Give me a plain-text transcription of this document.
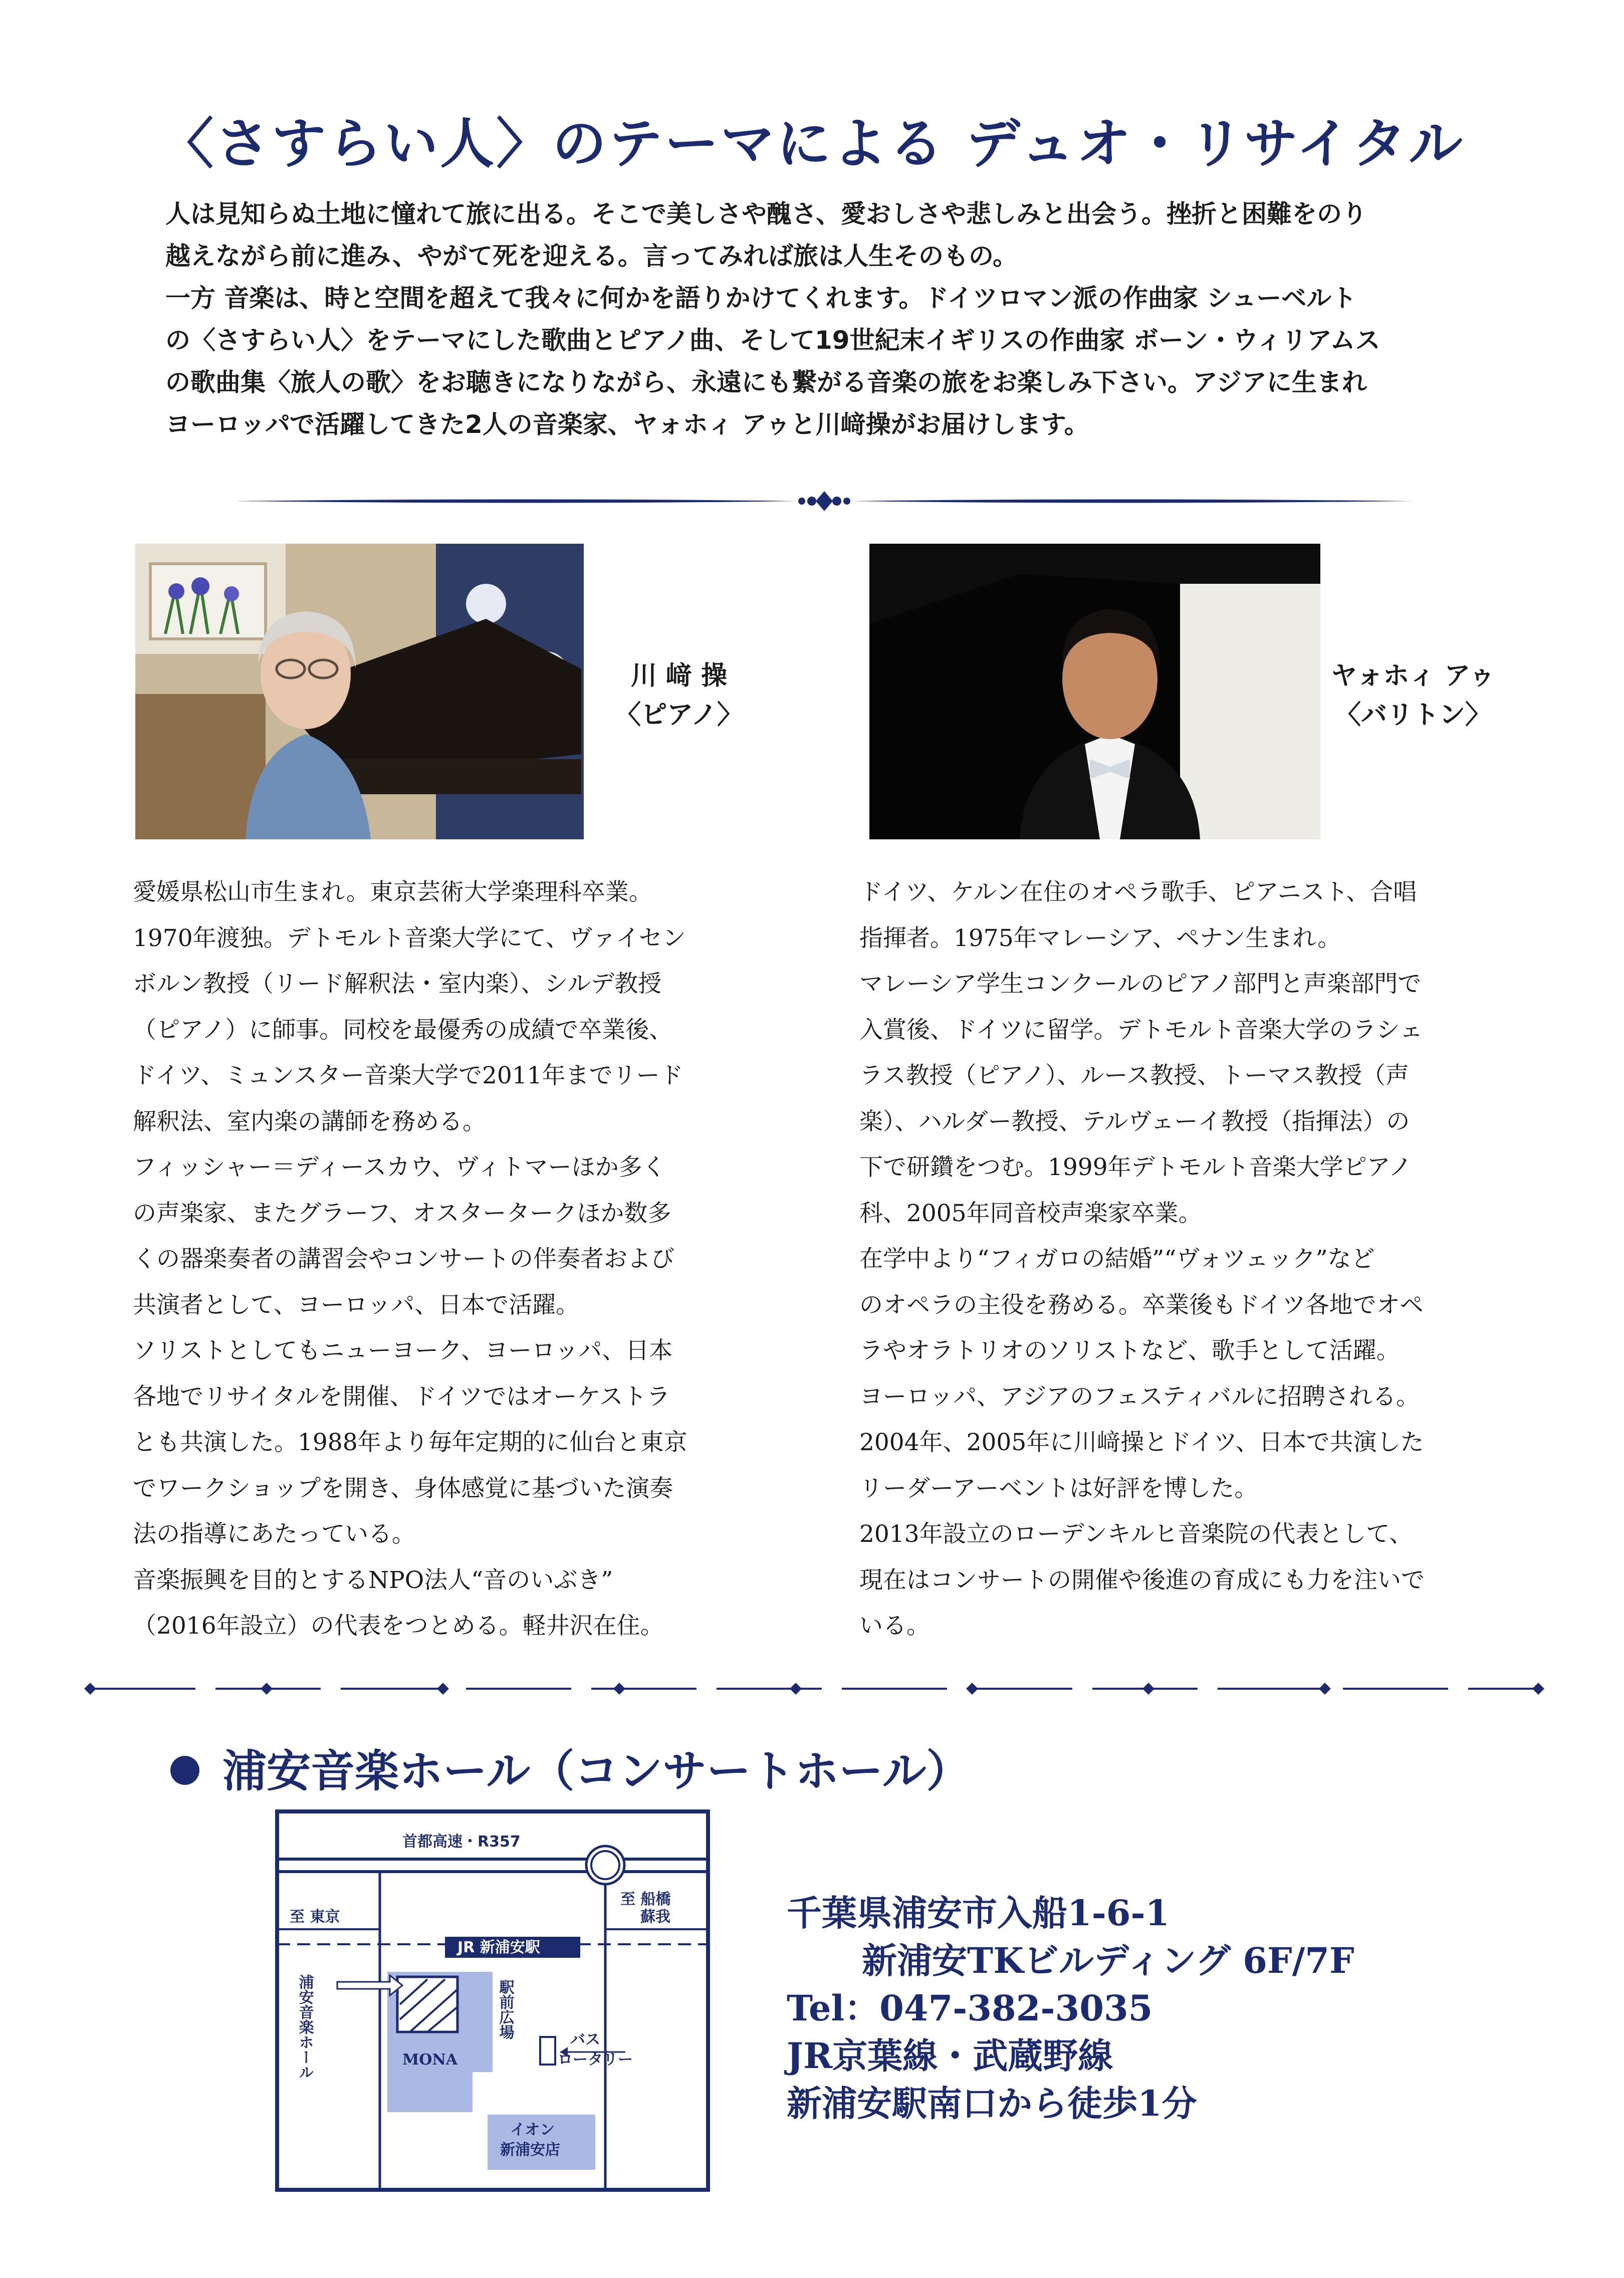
〈さすらい人〉のテーマによる デュオ・リサイタル

人は見知らぬ土地に憧れて旅に出る。そこで美しさや醜さ、愛おしさや悲しみと出会う。挫折と困難をのり

越えながら前に進み、やがて死を迎える。言ってみれば旅は人生そのもの。

一方 音楽は、時と空間を超えて我々に何かを語りかけてくれます。ドイツロマン派の作曲家 シューベルト

の〈さすらい人〉をテーマにした歌曲とピアノ曲、そして19世紀末イギリスの作曲家 ボーン・ウィリアムス

の歌曲集〈旅人の歌〉をお聴きになりながら、永遠にも繋がる音楽の旅をお楽しみ下さい。アジアに生まれ

ヨーロッパで活躍してきた2人の音楽家、ヤォホィ アゥと川﨑操がお届けします。

川 﨑 操
〈ピアノ〉
ヤォホィ アゥ
〈バリトン〉

愛媛県松山市生まれ。東京芸術大学楽理科卒業。

1970年渡独。デトモルト音楽大学にて、ヴァイセン

ボルン教授（リード解釈法・室内楽）、シルデ教授

（ピアノ）に師事。同校を最優秀の成績で卒業後、

ドイツ、ミュンスター音楽大学で2011年までリード

解釈法、室内楽の講師を務める。

フィッシャー＝ディースカウ、ヴィトマーほか多く

の声楽家、またグラーフ、オスタータークほか数多

くの器楽奏者の講習会やコンサートの伴奏者および

共演者として、ヨーロッパ、日本で活躍。

ソリストとしてもニューヨーク、ヨーロッパ、日本

各地でリサイタルを開催、ドイツではオーケストラ

とも共演した。1988年より毎年定期的に仙台と東京

でワークショップを開き、身体感覚に基づいた演奏

法の指導にあたっている。

音楽振興を目的とするNPO法人“音のいぶき”

（2016年設立）の代表をつとめる。軽井沢在住。

ドイツ、ケルン在住のオペラ歌手、ピアニスト、合唱

指揮者。1975年マレーシア、ペナン生まれ。

マレーシア学生コンクールのピアノ部門と声楽部門で

入賞後、ドイツに留学。デトモルト音楽大学のラシェ

ラス教授（ピアノ）、ルース教授、トーマス教授（声

楽）、ハルダー教授、テルヴェーイ教授（指揮法）の

下で研鑽をつむ。1999年デトモルト音楽大学ピアノ

科、2005年同音校声楽家卒業。

在学中より“フィガロの結婚”“ヴォツェック”など

のオペラの主役を務める。卒業後もドイツ各地でオペ

ラやオラトリオのソリストなど、歌手として活躍。

ヨーロッパ、アジアのフェスティバルに招聘される。

2004年、2005年に川﨑操とドイツ、日本で共演した

リーダーアーベントは好評を博した。

2013年設立のローデンキルヒ音楽院の代表として、

現在はコンサートの開催や後進の育成にも力を注いで

いる。

浦安音楽ホール（コンサートホール）
首都高速・R357
至 東京
至 船橋
蘇我
JR 新浦安駅
バス
ロータリー
MONA
イオン
新浦安店
浦安音楽ホール	駅前広場
千葉県浦安市入船1-6-1
新浦安TKビルディング 6F/7F
Tel：047-382-3035
JR京葉線・武蔵野線
新浦安駅南口から徒歩1分
